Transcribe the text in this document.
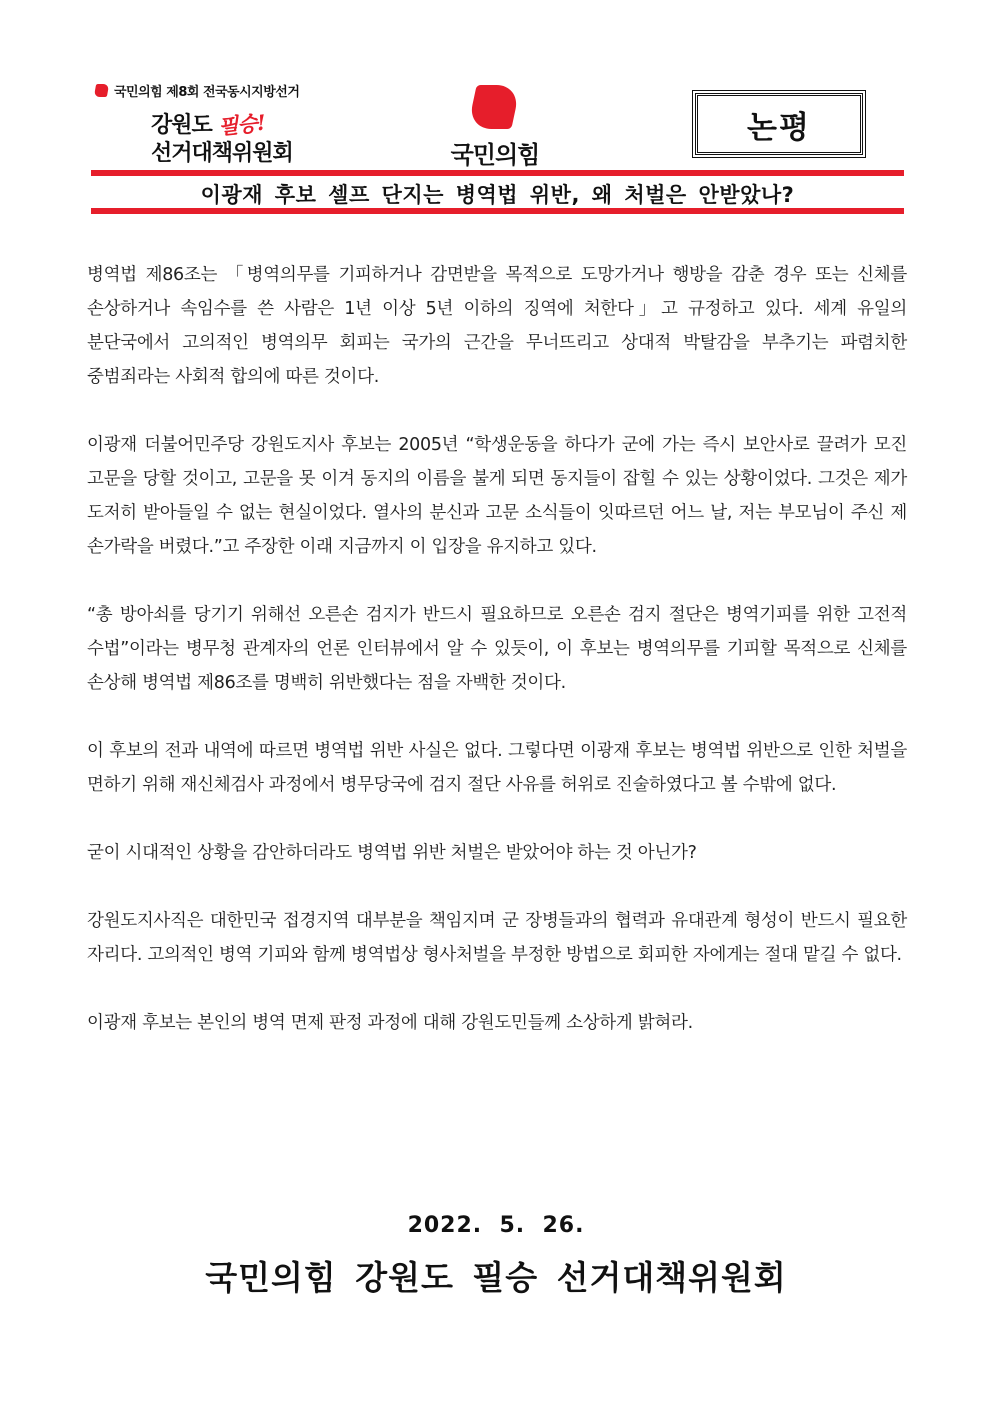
국민의힘 제8회 전국동시지방선거
강원도 필승!
선거대책위원회	국민의힘
논평
이광재 후보 셀프 단지는 병역법 위반, 왜 처벌은 안받았나?

병역법 제86조는 「병역의무를 기피하거나 감면받을 목적으로 도망가거나 행방을 감춘 경우 또는 신체를 손상하거나 속임수를 쓴 사람은 1년 이상 5년 이하의 징역에 처한다」고 규정하고 있다. 세계 유일의 분단국에서 고의적인 병역의무 회피는 국가의 근간을 무너뜨리고 상대적 박탈감을 부추기는 파렴치한 중범죄라는 사회적 합의에 따른 것이다.

이광재 더불어민주당 강원도지사 후보는 2005년 “학생운동을 하다가 군에 가는 즉시 보안사로 끌려가 모진 고문을 당할 것이고, 고문을 못 이겨 동지의 이름을 불게 되면 동지들이 잡힐 수 있는 상황이었다. 그것은 제가 도저히 받아들일 수 없는 현실이었다. 열사의 분신과 고문 소식들이 잇따르던 어느 날, 저는 부모님이 주신 제 손가락을 버렸다.”고 주장한 이래 지금까지 이 입장을 유지하고 있다.

“총 방아쇠를 당기기 위해선 오른손 검지가 반드시 필요하므로 오른손 검지 절단은 병역기피를 위한 고전적 수법”이라는 병무청 관계자의 언론 인터뷰에서 알 수 있듯이, 이 후보는 병역의무를 기피할 목적으로 신체를 손상해 병역법 제86조를 명백히 위반했다는 점을 자백한 것이다.

이 후보의 전과 내역에 따르면 병역법 위반 사실은 없다. 그렇다면 이광재 후보는 병역법 위반으로 인한 처벌을 면하기 위해 재신체검사 과정에서 병무당국에 검지 절단 사유를 허위로 진술하였다고 볼 수밖에 없다.

굳이 시대적인 상황을 감안하더라도 병역법 위반 처벌은 받았어야 하는 것 아닌가?

강원도지사직은 대한민국 접경지역 대부분을 책임지며 군 장병들과의 협력과 유대관계 형성이 반드시 필요한 자리다. 고의적인 병역 기피와 함께 병역법상 형사처벌을 부정한 방법으로 회피한 자에게는 절대 맡길 수 없다.

이광재 후보는 본인의 병역 면제 판정 과정에 대해 강원도민들께 소상하게 밝혀라.

2022.  5.  26.
국민의힘 강원도 필승 선거대책위원회
